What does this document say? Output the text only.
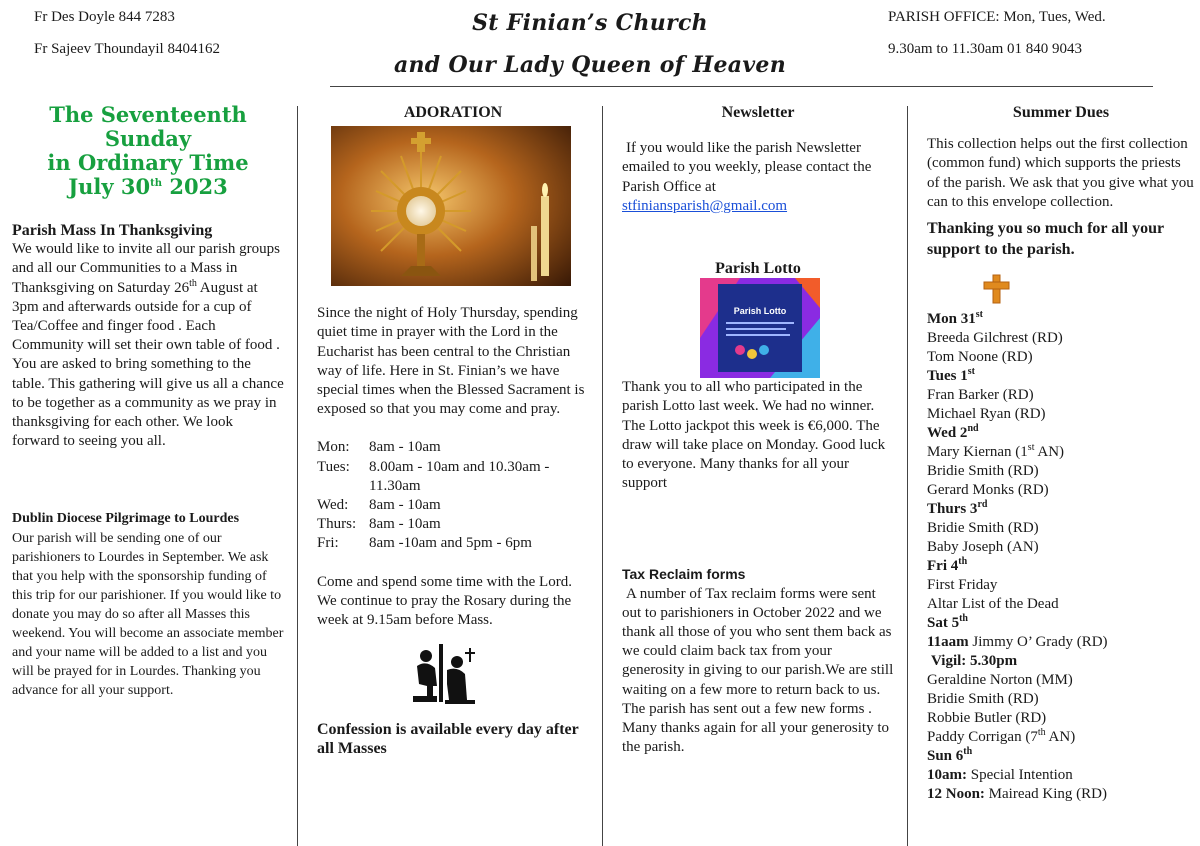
Fr Des Doyle 844 7283
Fr Sajeev Thoundayil 8404162
St Finian’s Church
and Our Lady Queen of Heaven
PARISH OFFICE: Mon, Tues, Wed.
9.30am to 11.30am 01 840 9043
The Seventeenth Sunday
in Ordinary Time
July 30th 2023

Parish Mass In Thanksgiving

We would like to invite all our parish groups and all our Communities to a Mass in Thanksgiving on Saturday 26th August at 3pm and afterwards outside for a cup of Tea/Coffee and finger food . Each Community will set their own table of food . You are asked to bring something to the table. This gathering will give us all a chance to be together as a community as we pray in thanksgiving for each other. We look forward to seeing you all.

Dublin Diocese Pilgrimage to Lourdes

Our parish will be sending one of our parishioners to Lourdes in September. We ask that you help with the sponsorship funding of this trip for our parishioner. If you would like to donate you may do so after all Masses this weekend. You will become an associate member and your name will be added to a list and you will be prayed for in Lourdes. Thanking you advance for all your support.

ADORATION

Since the night of Holy Thursday, spending quiet time in prayer with the Lord in the Eucharist has been central to the Christian way of life. Here in St. Finian’s we have special times when the Blessed Sacrament is exposed so that you may come and pray.

Mon:	8am - 10am
Tues:	8.00am - 10am and 10.30am - 11.30am
Wed:	8am - 10am
Thurs: 8am - 10am
Fri:	8am -10am and 5pm - 6pm

Come and spend some time with the Lord.

We continue to pray the Rosary during the week at 9.15am before Mass.

Confession is available every day after all Masses

Newsletter

If you would like the parish Newsletter emailed to you weekly, please contact the Parish Office at

stfiniansparish@gmail.com

Parish Lotto

Parish Lotto

Thank you to all who participated in the parish Lotto last week. We had no winner. The Lotto jackpot this week is €6,000. The draw will take place on Monday. Good luck to everyone. Many thanks for all your support

Tax Reclaim forms

A number of Tax reclaim forms were sent out to parishioners in October 2022 and we thank all those of you who sent them back as we could claim back tax from your generosity in giving to our parish.We are still waiting on a few more to return back to us.

The parish has sent out a few new forms . Many thanks again for all your generosity to the parish.

Summer Dues

This collection helps out the first collection (common fund) which supports the priests of the parish. We ask that you give what you can to this envelope collection.

Thanking you so much for all your support to the parish.

Mon 31st

Breeda Gilchrest (RD)

Tom Noone (RD)

Tues 1st

Fran Barker (RD)

Michael Ryan (RD)

Wed 2nd

Mary Kiernan (1st AN)

Bridie Smith (RD)

Gerard Monks (RD)

Thurs 3rd

Bridie Smith (RD)

Baby Joseph (AN)

Fri 4th

First Friday

Altar List of the Dead

Sat 5th

11aam Jimmy O’ Grady (RD)

Vigil: 5.30pm

Geraldine Norton (MM)

Bridie Smith (RD)

Robbie Butler (RD)

Paddy Corrigan (7th AN)

Sun 6th

10am: Special Intention

12 Noon: Mairead King (RD)
